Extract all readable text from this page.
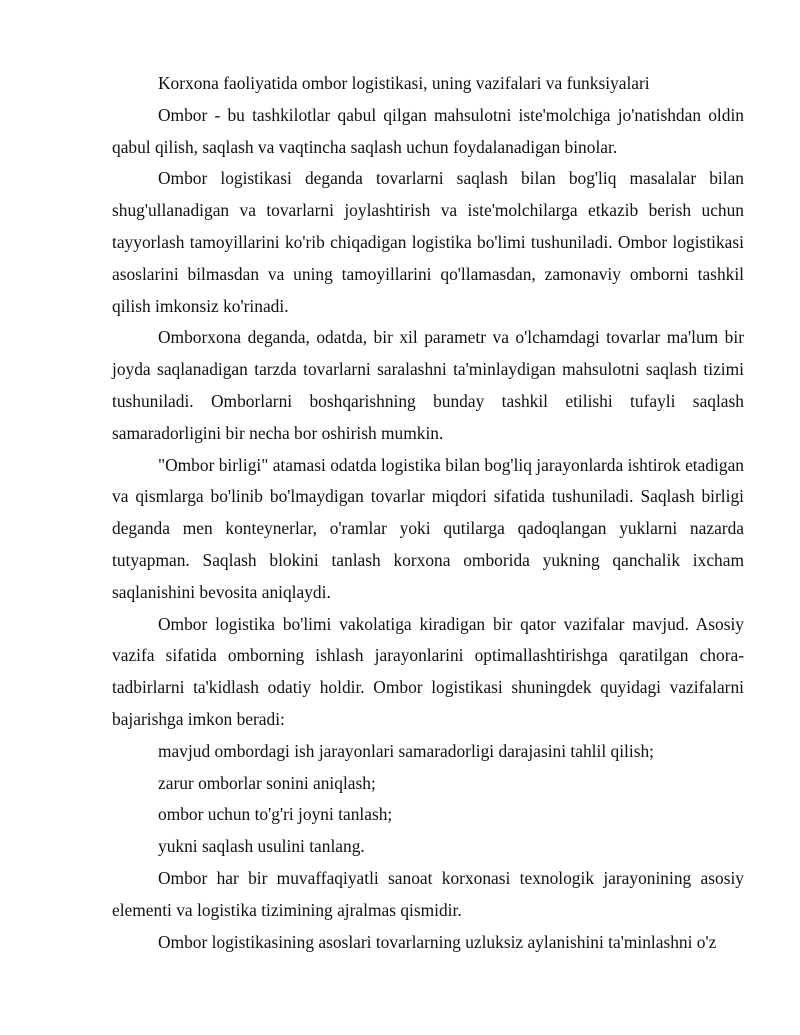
Korxona faoliyatida ombor logistikasi, uning vazifalari va funksiyalari

Ombor - bu tashkilotlar qabul qilgan mahsulotni iste'molchiga jo'natishdan oldin qabul qilish, saqlash va vaqtincha saqlash uchun foydalanadigan binolar.

Ombor logistikasi deganda tovarlarni saqlash bilan bog'liq masalalar bilan shug'ullanadigan va tovarlarni joylashtirish va iste'molchilarga etkazib berish uchun tayyorlash tamoyillarini ko'rib chiqadigan logistika bo'limi tushuniladi. Ombor logistikasi asoslarini bilmasdan va uning tamoyillarini qo'llamasdan, zamonaviy omborni tashkil qilish imkonsiz ko'rinadi.

Omborxona deganda, odatda, bir xil parametr va o'lchamdagi tovarlar ma'lum bir joyda saqlanadigan tarzda tovarlarni saralashni ta'minlaydigan mahsulotni saqlash tizimi tushuniladi. Omborlarni boshqarishning bunday tashkil etilishi tufayli saqlash samaradorligini bir necha bor oshirish mumkin.

"Ombor birligi" atamasi odatda logistika bilan bog'liq jarayonlarda ishtirok etadigan va qismlarga bo'linib bo'lmaydigan tovarlar miqdori sifatida tushuniladi. Saqlash birligi deganda men konteynerlar, o'ramlar yoki qutilarga qadoqlangan yuklarni nazarda tutyapman. Saqlash blokini tanlash korxona omborida yukning qanchalik ixcham saqlanishini bevosita aniqlaydi.

Ombor logistika bo'limi vakolatiga kiradigan bir qator vazifalar mavjud. Asosiy vazifa sifatida omborning ishlash jarayonlarini optimallashtirishga qaratilgan chora-tadbirlarni ta'kidlash odatiy holdir. Ombor logistikasi shuningdek quyidagi vazifalarni bajarishga imkon beradi:

mavjud ombordagi ish jarayonlari samaradorligi darajasini tahlil qilish;

zarur omborlar sonini aniqlash;

ombor uchun to'g'ri joyni tanlash;

yukni saqlash usulini tanlang.

Ombor har bir muvaffaqiyatli sanoat korxonasi texnologik jarayonining asosiy elementi va logistika tizimining ajralmas qismidir.

Ombor logistikasining asoslari tovarlarning uzluksiz aylanishini ta'minlashni o'z
